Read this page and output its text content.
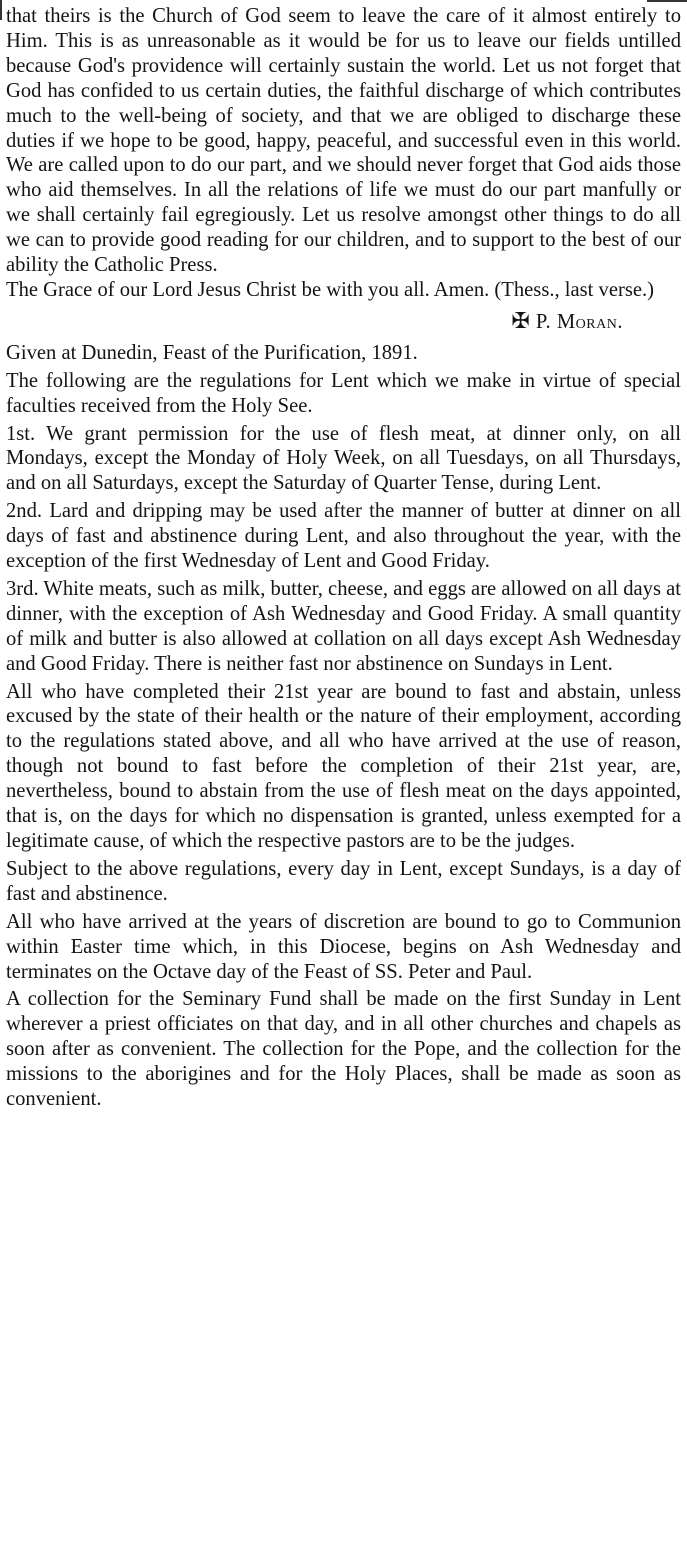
that theirs is the Church of God seem to leave the care of it almost entirely to Him. This is as unreasonable as it would be for us to leave our fields untilled because God's providence will certainly sustain the world. Let us not forget that God has confided to us certain duties, the faithful discharge of which contributes much to the well-being of society, and that we are obliged to discharge these duties if we hope to be good, happy, peaceful, and successful even in this world. We are called upon to do our part, and we should never forget that God aids those who aid themselves. In all the relations of life we must do our part manfully or we shall certainly fail egregiously. Let us resolve amongst other things to do all we can to provide good reading for our children, and to support to the best of our ability the Catholic Press.

The Grace of our Lord Jesus Christ be with you all. Amen. (Thess., last verse.)

✠ P. Moran.

Given at Dunedin, Feast of the Purification, 1891.

The following are the regulations for Lent which we make in virtue of special faculties received from the Holy See.

1st. We grant permission for the use of flesh meat, at dinner only, on all Mondays, except the Monday of Holy Week, on all Tuesdays, on all Thursdays, and on all Saturdays, except the Saturday of Quarter Tense, during Lent.

2nd. Lard and dripping may be used after the manner of butter at dinner on all days of fast and abstinence during Lent, and also throughout the year, with the exception of the first Wednesday of Lent and Good Friday.

3rd. White meats, such as milk, butter, cheese, and eggs are allowed on all days at dinner, with the exception of Ash Wednesday and Good Friday. A small quantity of milk and butter is also allowed at collation on all days except Ash Wednesday and Good Friday. There is neither fast nor abstinence on Sundays in Lent.

All who have completed their 21st year are bound to fast and abstain, unless excused by the state of their health or the nature of their employment, according to the regulations stated above, and all who have arrived at the use of reason, though not bound to fast before the completion of their 21st year, are, nevertheless, bound to abstain from the use of flesh meat on the days appointed, that is, on the days for which no dispensation is granted, unless exempted for a legitimate cause, of which the respective pastors are to be the judges.

Subject to the above regulations, every day in Lent, except Sundays, is a day of fast and abstinence.

All who have arrived at the years of discretion are bound to go to Communion within Easter time which, in this Diocese, begins on Ash Wednesday and terminates on the Octave day of the Feast of SS. Peter and Paul.

A collection for the Seminary Fund shall be made on the first Sunday in Lent wherever a priest officiates on that day, and in all other churches and chapels as soon after as convenient. The collection for the Pope, and the collection for the missions to the aborigines and for the Holy Places, shall be made as soon as convenient.
